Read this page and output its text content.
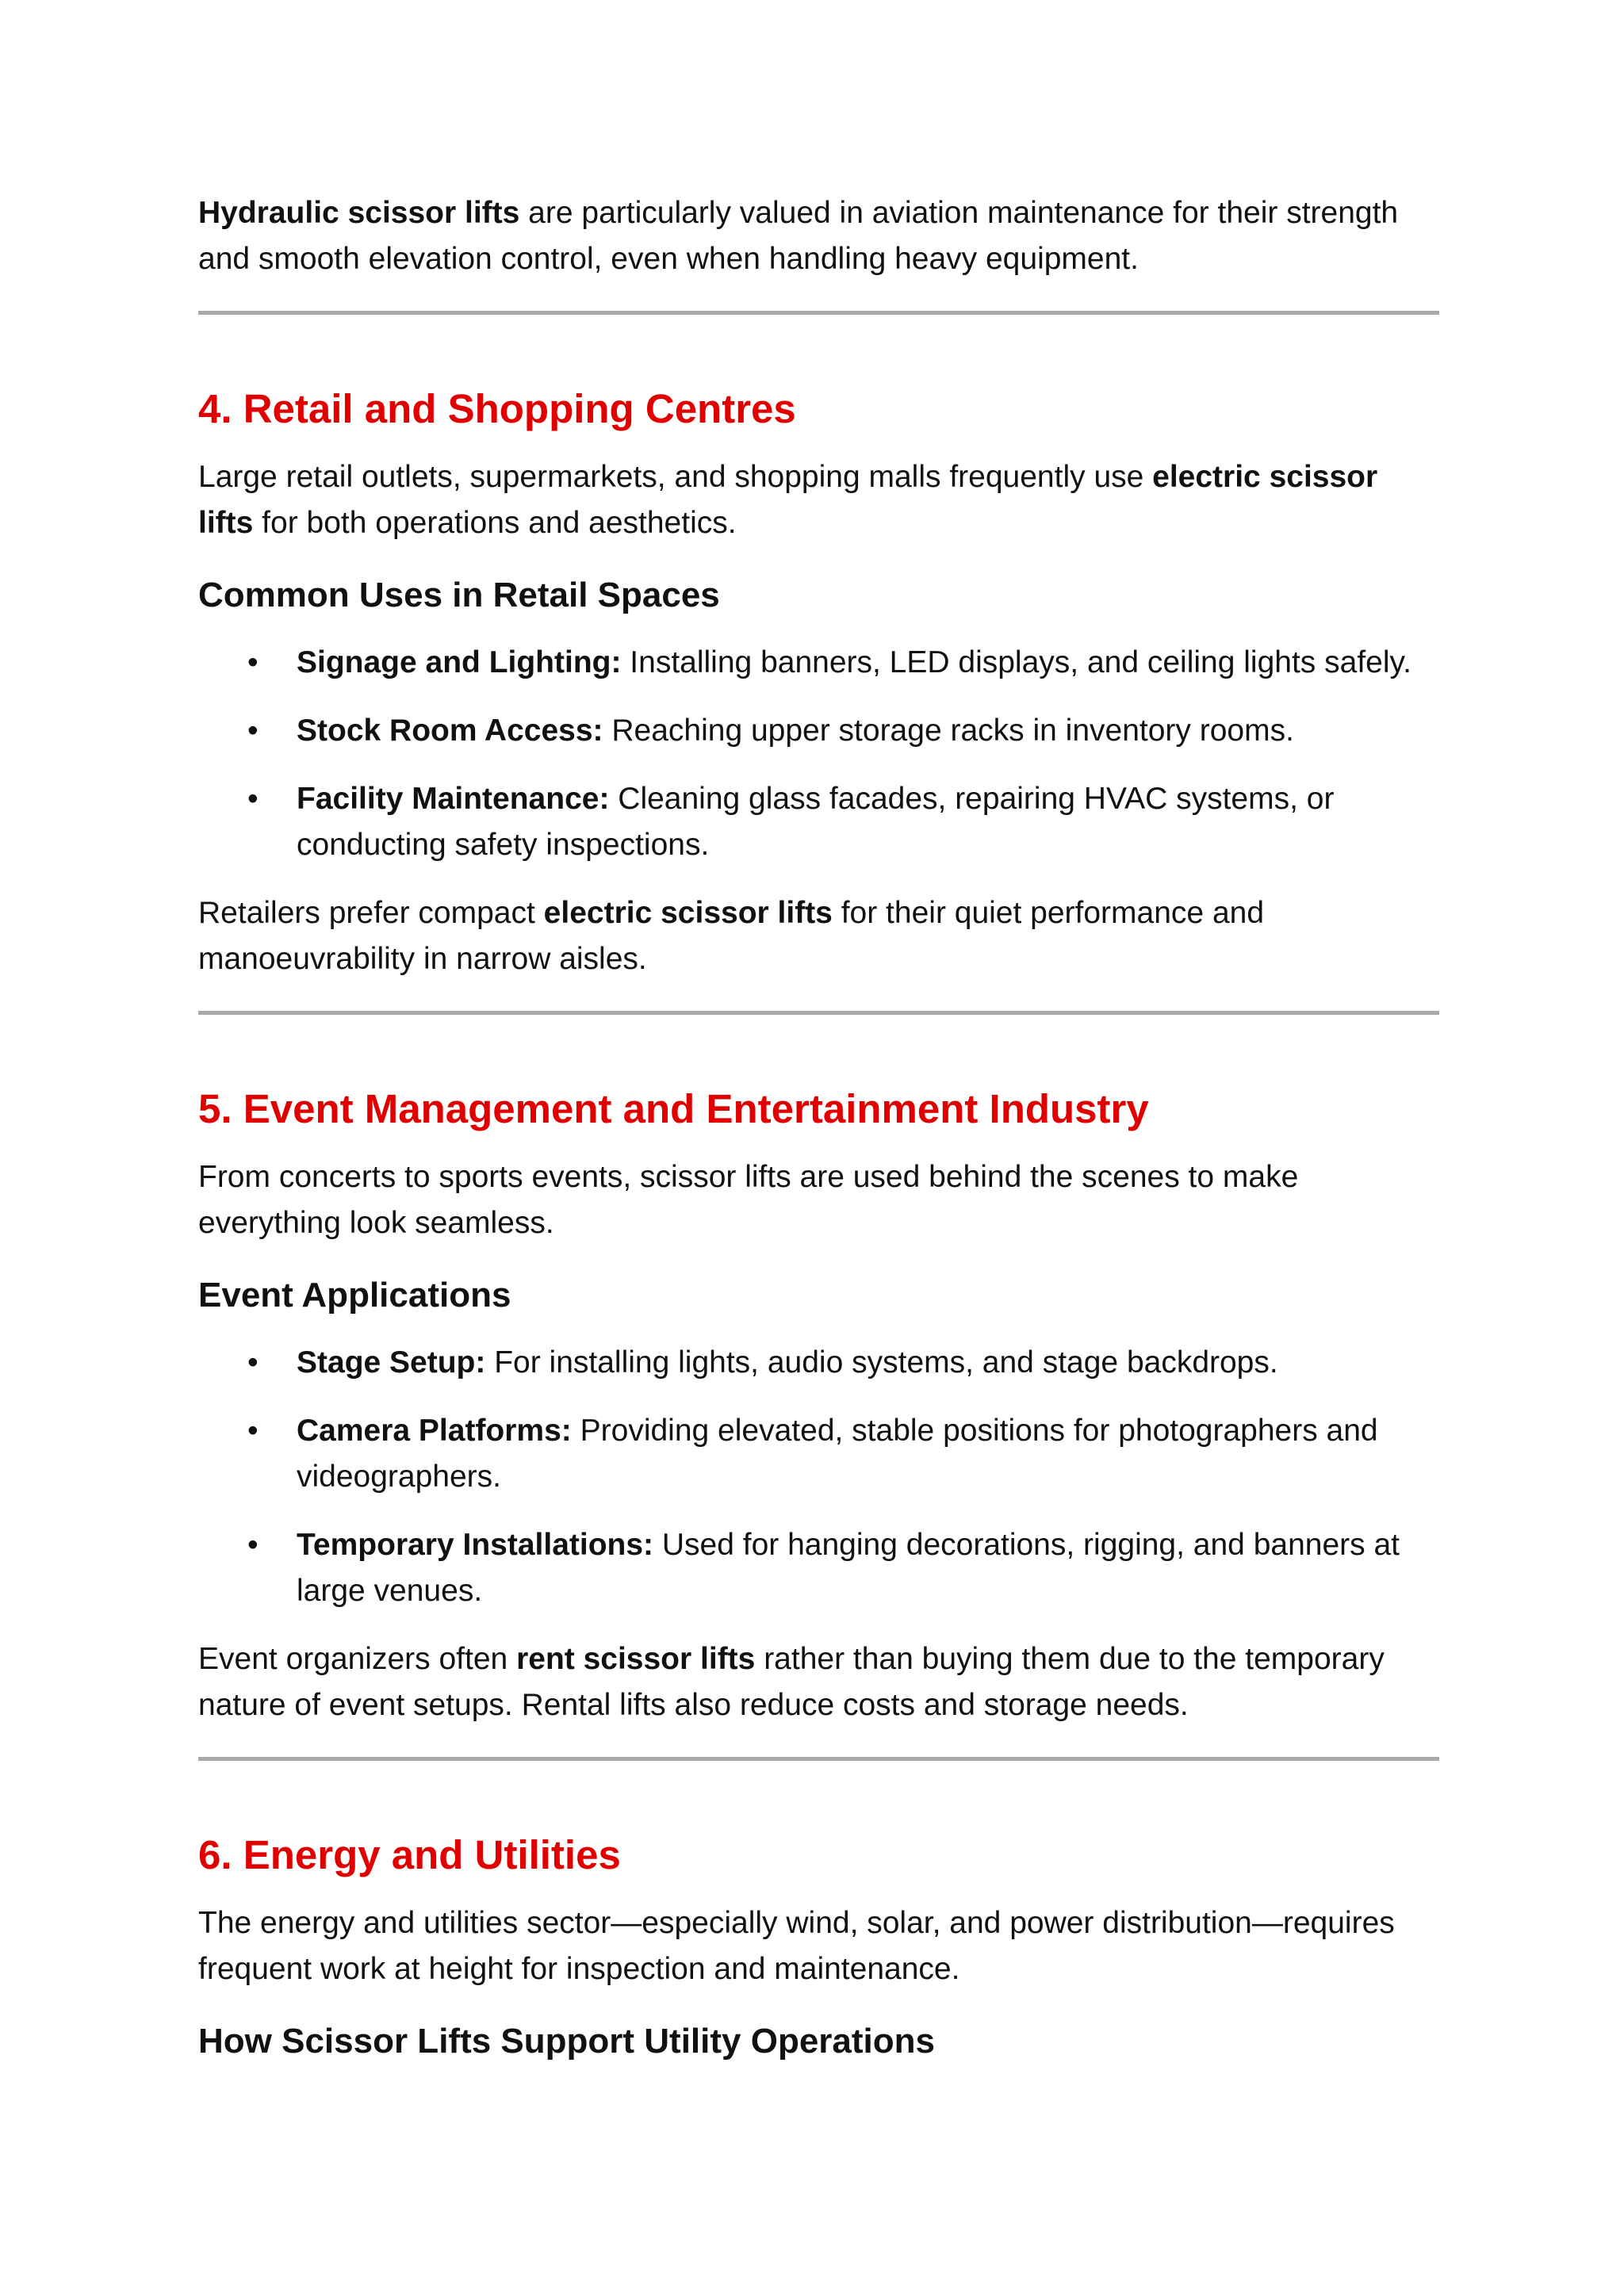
Hydraulic scissor lifts are particularly valued in aviation maintenance for their strength and smooth elevation control, even when handling heavy equipment.

4. Retail and Shopping Centres

Large retail outlets, supermarkets, and shopping malls frequently use electric scissor lifts for both operations and aesthetics.

Common Uses in Retail Spaces
• Signage and Lighting: Installing banners, LED displays, and ceiling lights safely.
• Stock Room Access: Reaching upper storage racks in inventory rooms.
• Facility Maintenance: Cleaning glass facades, repairing HVAC systems, or conducting safety inspections.

Retailers prefer compact electric scissor lifts for their quiet performance and manoeuvrability in narrow aisles.

5. Event Management and Entertainment Industry

From concerts to sports events, scissor lifts are used behind the scenes to make everything look seamless.

Event Applications
• Stage Setup: For installing lights, audio systems, and stage backdrops.
• Camera Platforms: Providing elevated, stable positions for photographers and videographers.
• Temporary Installations: Used for hanging decorations, rigging, and banners at large venues.

Event organizers often rent scissor lifts rather than buying them due to the temporary nature of event setups. Rental lifts also reduce costs and storage needs.

6. Energy and Utilities

The energy and utilities sector—especially wind, solar, and power distribution—requires frequent work at height for inspection and maintenance.

How Scissor Lifts Support Utility Operations
